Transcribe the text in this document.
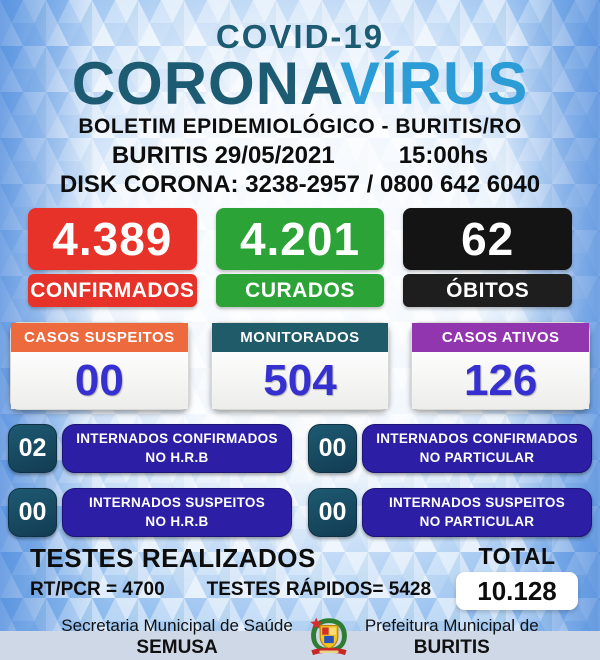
COVID-19
CORONAVÍRUS
BOLETIM EPIDEMIOLÓGICO - BURITIS/RO
BURITIS 29/05/2021	15:00hs
DISK CORONA: 3238-2957 / 0800 642 6040
4.389
CONFIRMADOS
4.201
CURADOS
62
ÓBITOS
CASOS SUSPEITOS
00
MONITORADOS
504
CASOS ATIVOS
126
02	INTERNADOS CONFIRMADOS
NO H.R.B	00	INTERNADOS CONFIRMADOS
NO PARTICULAR
00	INTERNADOS SUSPEITOS
NO H.R.B	00	INTERNADOS SUSPEITOS
NO PARTICULAR
TESTES REALIZADOS
RT/PCR = 4700 TESTES RÁPIDOS= 5428
TOTAL
10.128
Secretaria Municipal de Saúde
SEMUSA
Prefeitura Municipal de
BURITIS
